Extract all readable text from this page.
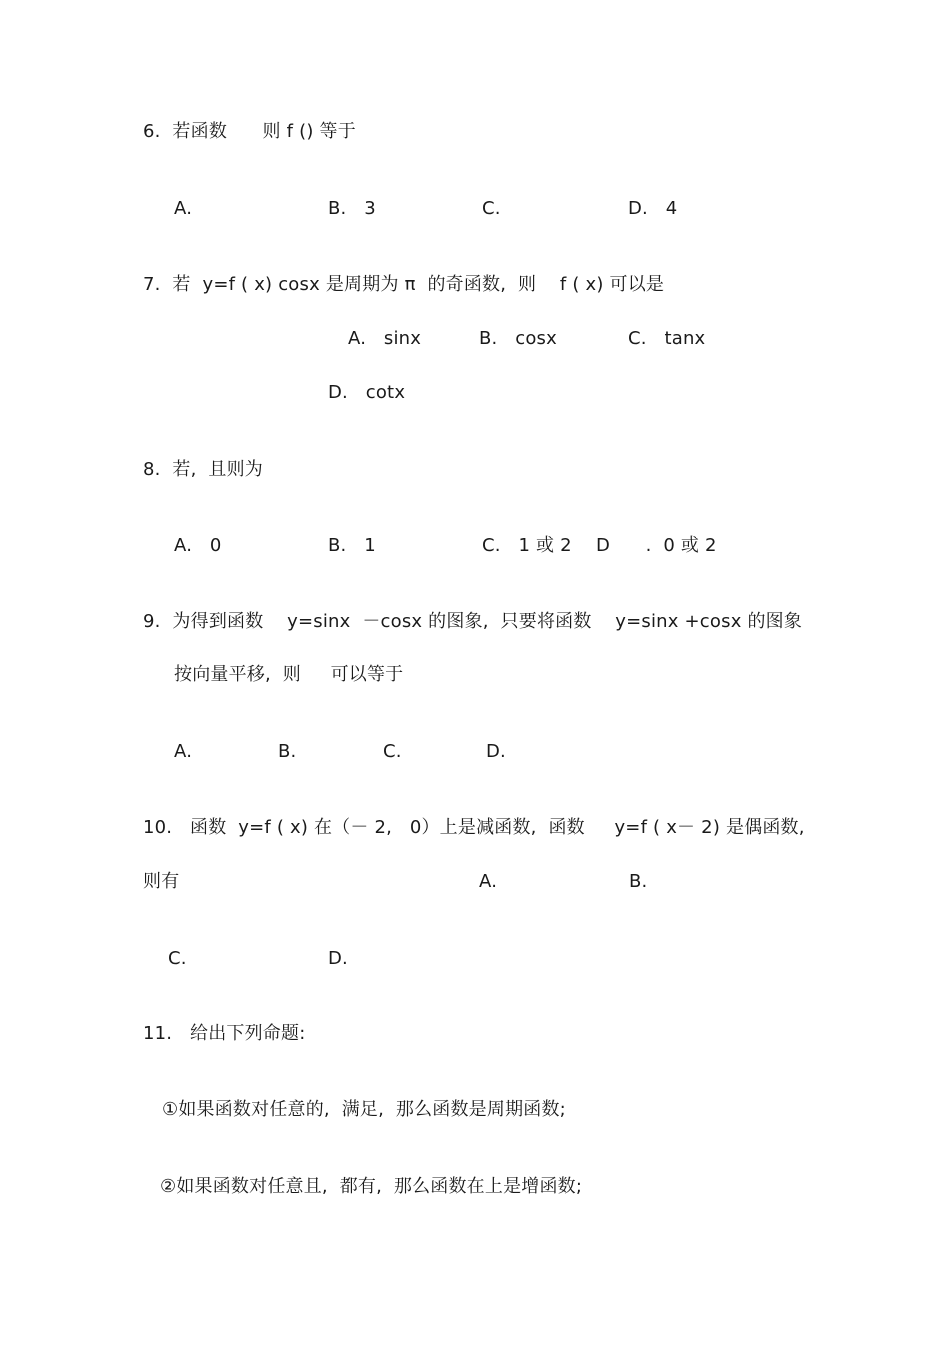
6.  若函数      则 f () 等于
A.	B.   3	C.	D.   4
7.  若  y=f ( x) cosx 是周期为 π  的奇函数,  则    f ( x) 可以是
A.   sinx	B.   cosx	C.   tanx
D.   cotx
8.  若,  且则为
A.   0	B.   1	C.   1 或 2 D      .  0 或 2
9.  为得到函数    y=sinx  －cosx 的图象,  只要将函数    y=sinx +cosx 的图象
按向量平移,  则     可以等于
A.	B.	C.	D.
10.   函数  y=f ( x) 在（－ 2,   0）上是减函数,  函数     y=f ( x－ 2) 是偶函数,
则有	A.	B.
C.	D.
11.   给出下列命题:
①如果函数对任意的,  满足,  那么函数是周期函数;
②如果函数对任意且,  都有,  那么函数在上是增函数;
